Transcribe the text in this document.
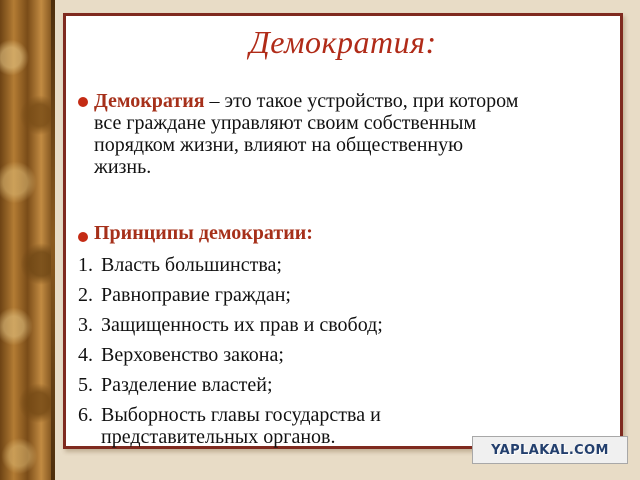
Демократия:
Демократия – это такое устройство, при котором все граждане управляют своим собственным порядком жизни, влияют на общественную жизнь.
Принципы демократии:
1. Власть большинства;
2. Равноправие граждан;
3. Защищенность их прав и свобод;
4. Верховенство закона;
5. Разделение властей;
6. Выборность главы государства и представительных органов.
YAPLAKAL.COM
